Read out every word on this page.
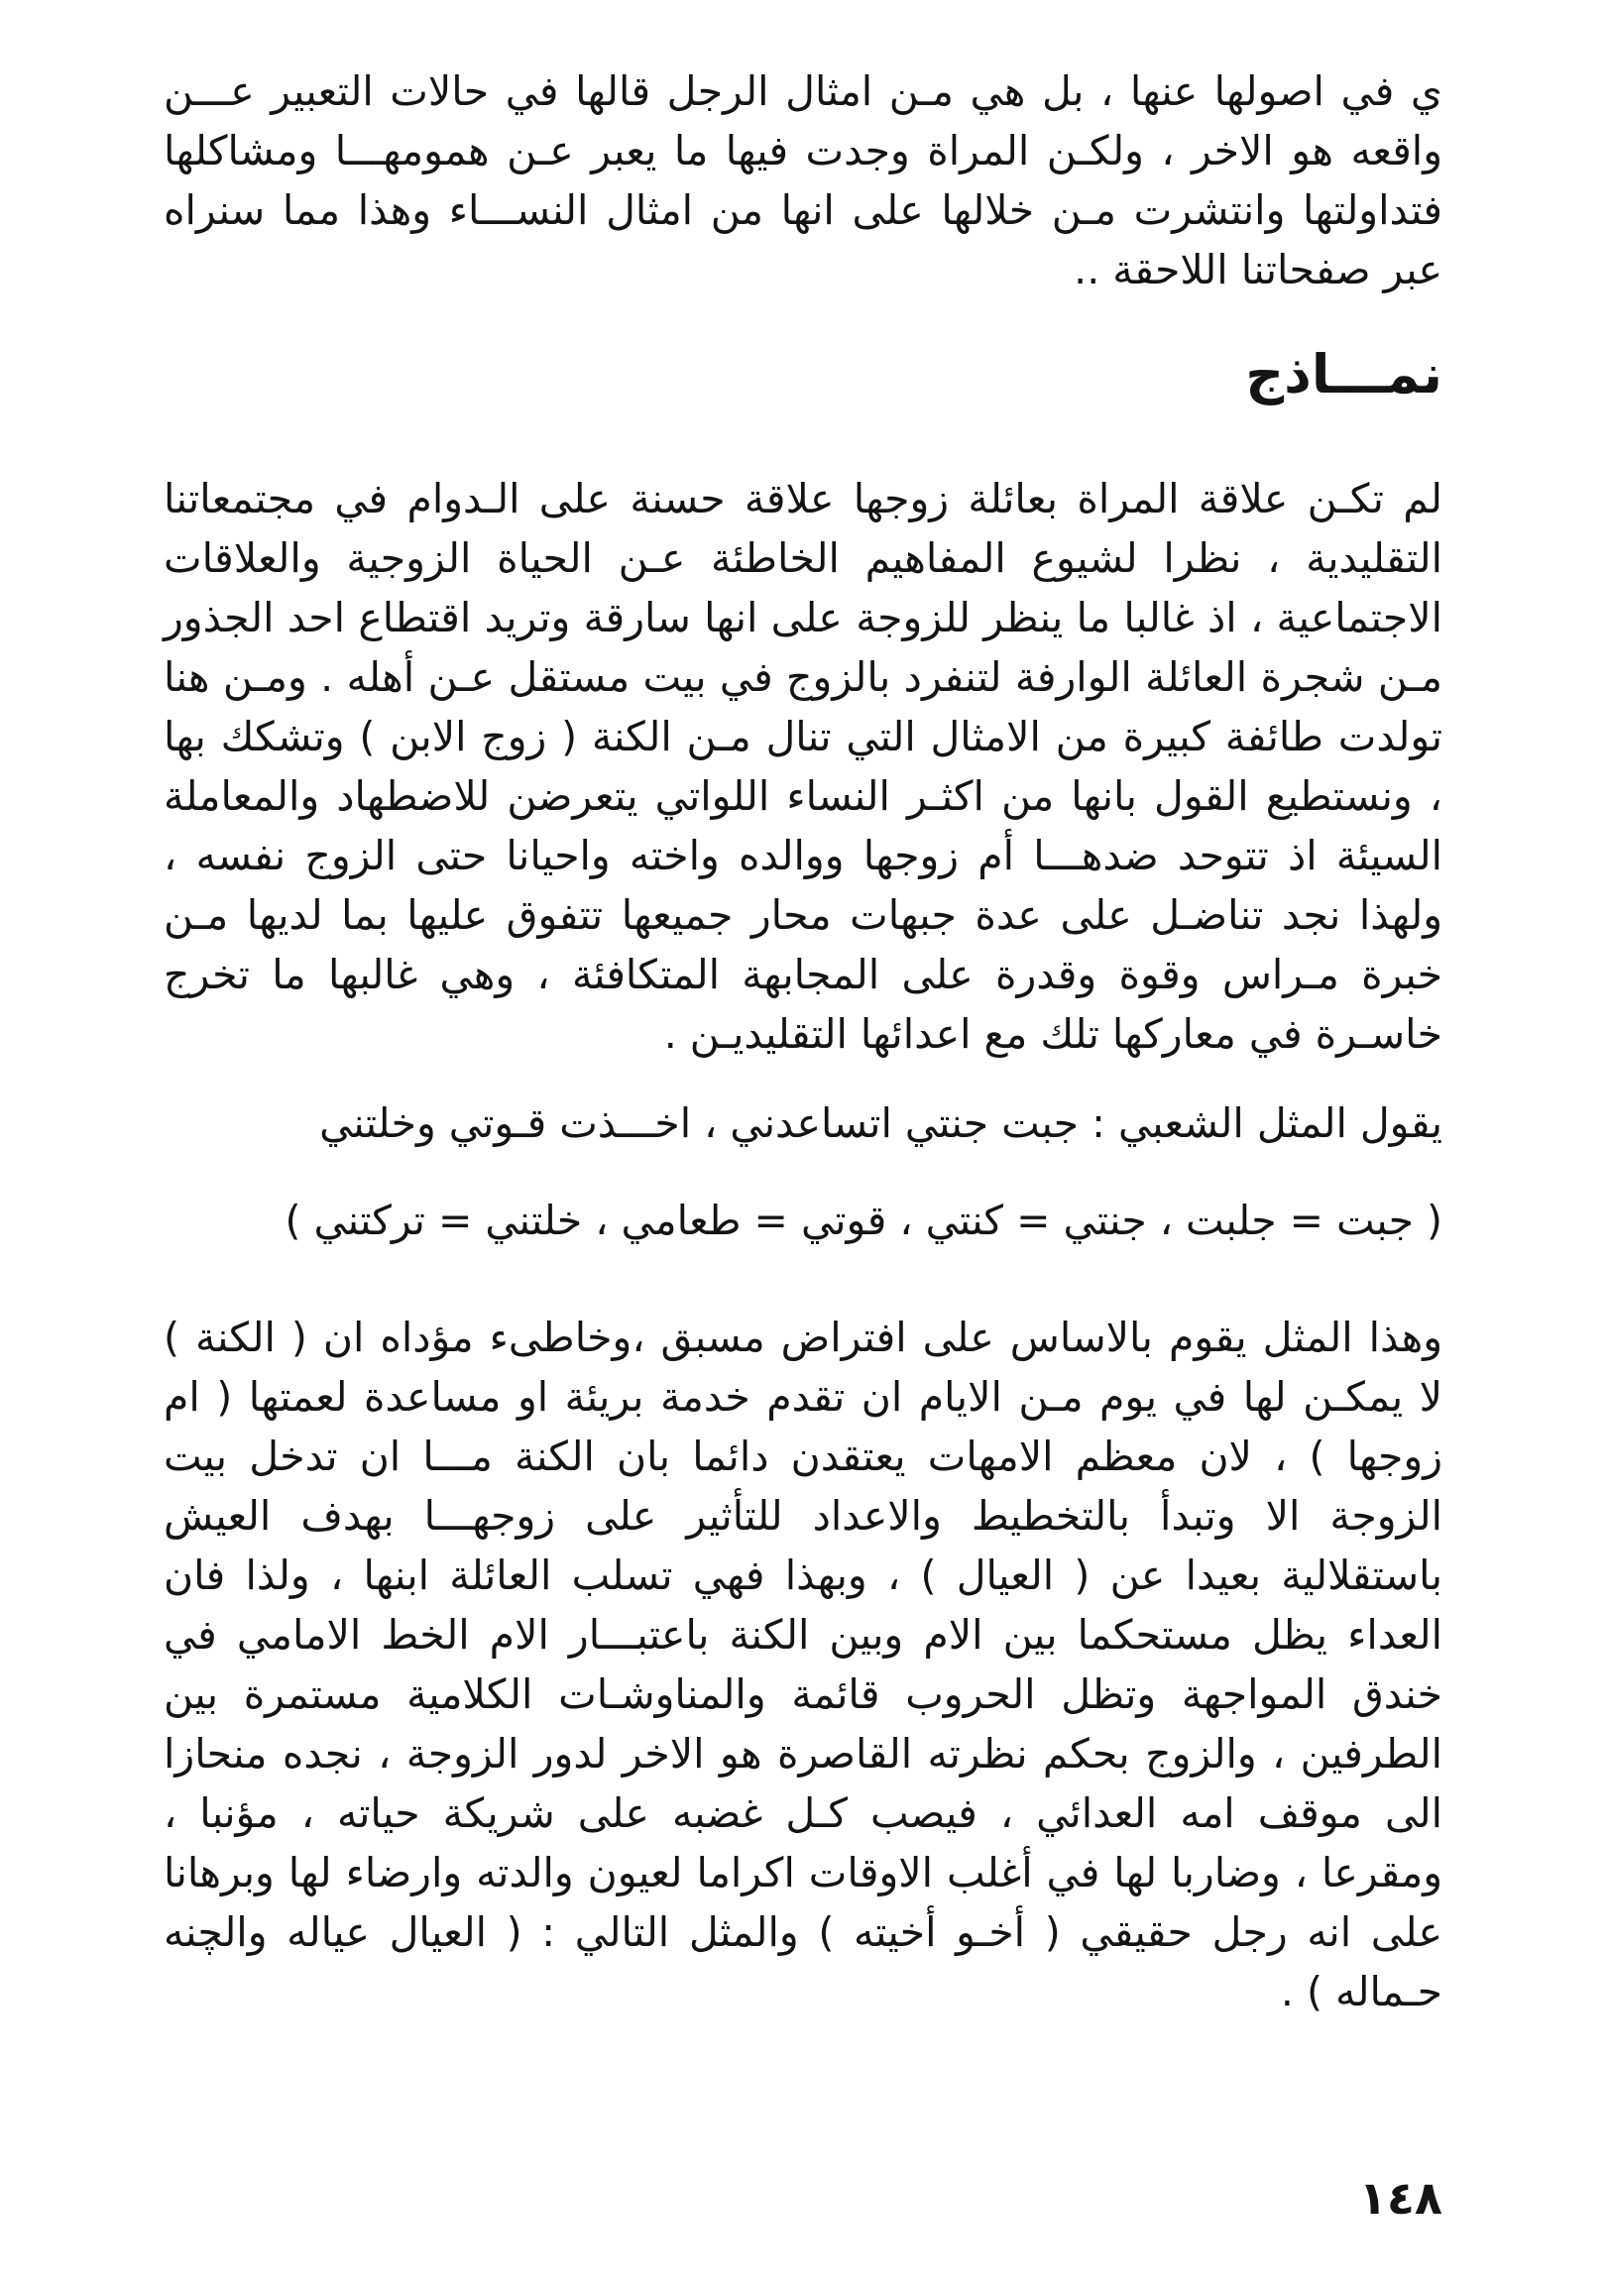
ي في اصولها عنها ، بل هي مـن امثال الرجل قالها في حالات التعبير عـــن واقعه هو الاخر ، ولكـن المراة وجدت فيها ما يعبر عـن همومهـــا ومشاكلها فتداولتها وانتشرت مـن خلالها على انها من امثال النســـاء وهذا مما سنراه عبر صفحاتنا اللاحقة ..

نمـــاذج

لم تكـن علاقة المراة بعائلة زوجها علاقة حسنة على الـدوام في مجتمعاتنا التقليدية ، نظرا لشيوع المفاهيم الخاطئة عـن الحياة الزوجية والعلاقات الاجتماعية ، اذ غالبا ما ينظر للزوجة على انها سارقة وتريد اقتطاع احد الجذور مـن شجرة العائلة الوارفة لتنفرد بالزوج في بيت مستقل عـن أهله . ومـن هنا تولدت طائفة كبيرة من الامثال التي تنال مـن الكنة ( زوج الابن ) وتشكك بها ، ونستطيع القول بانها من اكثـر النساء اللواتي يتعرضن للاضطهاد والمعاملة السيئة اذ تتوحد ضدهـــا أم زوجها ووالده واخته واحيانا حتى الزوج نفسه ، ولهذا نجد تناضـل على عدة جبهات محار جميعها تتفوق عليها بما لديها مـن خبرة مـراس وقوة وقدرة على المجابهة المتكافئة ، وهي غالبها ما تخرج خاسـرة في معاركها تلك مع اعدائها التقليديـن .

يقول المثل الشعبي : جبت جنتي اتساعدني ، اخـــذت قـوتي وخلتني

( جبت = جلبت ، جنتي = كنتي ، قوتي = طعامي ، خلتني = تركتني )

وهذا المثل يقوم بالاساس على افتراض مسبق ،وخاطىء مؤداه ان ( الكنة ) لا يمكـن لها في يوم مـن الايام ان تقدم خدمة بريئة او مساعدة لعمتها ( ام زوجها ) ، لان معظم الامهات يعتقدن دائما بان الكنة مـــا ان تدخل بيت الزوجة الا وتبدأ بالتخطيط والاعداد للتأثير على زوجهـــا بهدف العيش باستقلالية بعيدا عن ( العيال ) ، وبهذا فهي تسلب العائلة ابنها ، ولذا فان العداء يظل مستحكما بين الام وبين الكنة باعتبـــار الام الخط الامامي في خندق المواجهة وتظل الحروب قائمة والمناوشـات الكلامية مستمرة بين الطرفين ، والزوج بحكم نظرته القاصرة هو الاخر لدور الزوجة ، نجده منحازا الى موقف امه العدائي ، فيصب كـل غضبه على شريكة حياته ، مؤنبا ، ومقرعا ، وضاربا لها في أغلب الاوقات اكراما لعيون والدته وارضاء لها وبرهانا على انه رجل حقيقي ( أخـو أخيته ) والمثل التالي : ( العيال عياله والچنه حـماله ) .

١٤٨
